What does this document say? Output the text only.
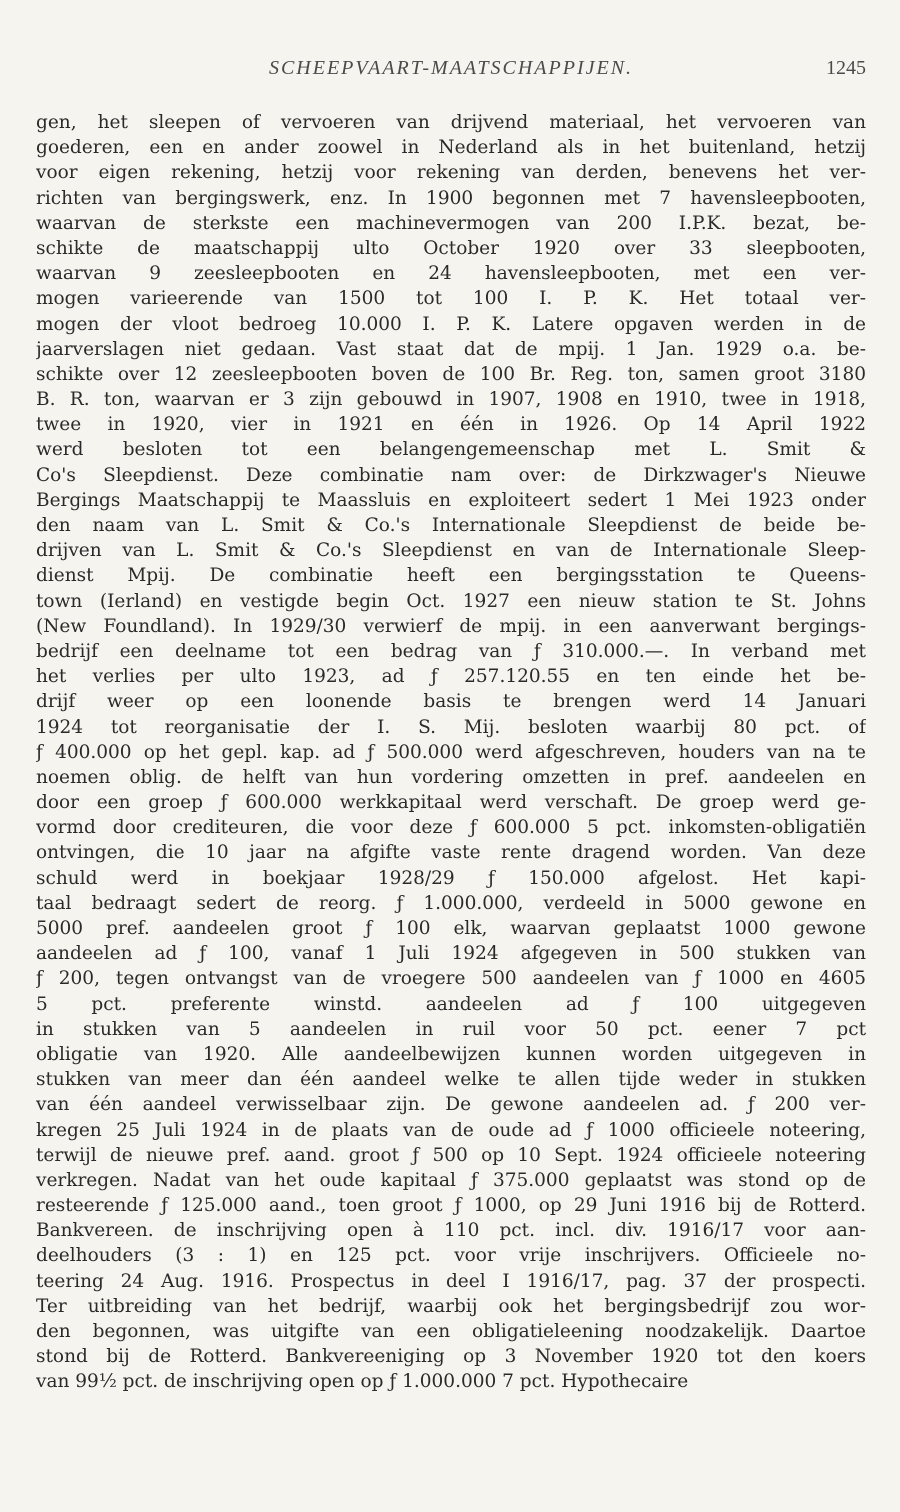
SCHEEPVAART-MAATSCHAPPIJEN.	1245
gen, het sleepen of vervoeren van drijvend materiaal, het vervoeren van
goederen, een en ander zoowel in Nederland als in het buitenland, hetzij
voor eigen rekening, hetzij voor rekening van derden, benevens het ver-
richten van bergingswerk, enz. In 1900 begonnen met 7 havensleepbooten,
waarvan de sterkste een machinevermogen van 200 I.P.K. bezat, be-
schikte de maatschappij ulto October 1920 over 33 sleepbooten,
waarvan 9 zeesleepbooten en 24 havensleepbooten, met een ver-
mogen varieerende van 1500 tot 100 I. P. K. Het totaal ver-
mogen der vloot bedroeg 10.000 I. P. K. Latere opgaven werden in de
jaarverslagen niet gedaan. Vast staat dat de mpij. 1 Jan. 1929 o.a. be-
schikte over 12 zeesleepbooten boven de 100 Br. Reg. ton, samen groot 3180
B. R. ton, waarvan er 3 zijn gebouwd in 1907, 1908 en 1910, twee in 1918,
twee in 1920, vier in 1921 en één in 1926. Op 14 April 1922
werd besloten tot een belangengemeenschap met L. Smit &
Co's Sleepdienst. Deze combinatie nam over: de Dirkzwager's Nieuwe
Bergings Maatschappij te Maassluis en exploiteert sedert 1 Mei 1923 onder
den naam van L. Smit & Co.'s Internationale Sleepdienst de beide be-
drijven van L. Smit & Co.'s Sleepdienst en van de Internationale Sleep-
dienst Mpij. De combinatie heeft een bergingsstation te Queens-
town (Ierland) en vestigde begin Oct. 1927 een nieuw station te St. Johns
(New Foundland). In 1929/30 verwierf de mpij. in een aanverwant bergings-
bedrijf een deelname tot een bedrag van ƒ 310.000.—. In verband met
het verlies per ulto 1923, ad ƒ 257.120.55 en ten einde het be-
drijf weer op een loonende basis te brengen werd 14 Januari
1924 tot reorganisatie der I. S. Mij. besloten waarbij 80 pct. of
ƒ 400.000 op het gepl. kap. ad ƒ 500.000 werd afgeschreven, houders van na te
noemen oblig. de helft van hun vordering omzetten in pref. aandeelen en
door een groep ƒ 600.000 werkkapitaal werd verschaft. De groep werd ge-
vormd door crediteuren, die voor deze ƒ 600.000 5 pct. inkomsten-obligatiën
ontvingen, die 10 jaar na afgifte vaste rente dragend worden. Van deze
schuld werd in boekjaar 1928/29 ƒ 150.000 afgelost. Het kapi-
taal bedraagt sedert de reorg. ƒ 1.000.000, verdeeld in 5000 gewone en
5000 pref. aandeelen groot ƒ 100 elk, waarvan geplaatst 1000 gewone
aandeelen ad ƒ 100, vanaf 1 Juli 1924 afgegeven in 500 stukken van
ƒ 200, tegen ontvangst van de vroegere 500 aandeelen van ƒ 1000 en 4605
5 pct. preferente winstd. aandeelen ad ƒ 100 uitgegeven
in stukken van 5 aandeelen in ruil voor 50 pct. eener 7 pct
obligatie van 1920. Alle aandeelbewijzen kunnen worden uitgegeven in
stukken van meer dan één aandeel welke te allen tijde weder in stukken
van één aandeel verwisselbaar zijn. De gewone aandeelen ad. ƒ 200 ver-
kregen 25 Juli 1924 in de plaats van de oude ad ƒ 1000 officieele noteering,
terwijl de nieuwe pref. aand. groot ƒ 500 op 10 Sept. 1924 officieele noteering
verkregen. Nadat van het oude kapitaal ƒ 375.000 geplaatst was stond op de
resteerende ƒ 125.000 aand., toen groot ƒ 1000, op 29 Juni 1916 bij de Rotterd.
Bankvereen. de inschrijving open à 110 pct. incl. div. 1916/17 voor aan-
deelhouders (3 : 1) en 125 pct. voor vrije inschrijvers. Officieele no-
teering 24 Aug. 1916. Prospectus in deel I 1916/17, pag. 37 der prospecti.
Ter uitbreiding van het bedrijf, waarbij ook het bergingsbedrijf zou wor-
den begonnen, was uitgifte van een obligatieleening noodzakelijk. Daartoe
stond bij de Rotterd. Bankvereeniging op 3 November 1920 tot den koers
van 99½ pct. de inschrijving open op ƒ 1.000.000 7 pct. Hypothecaire
